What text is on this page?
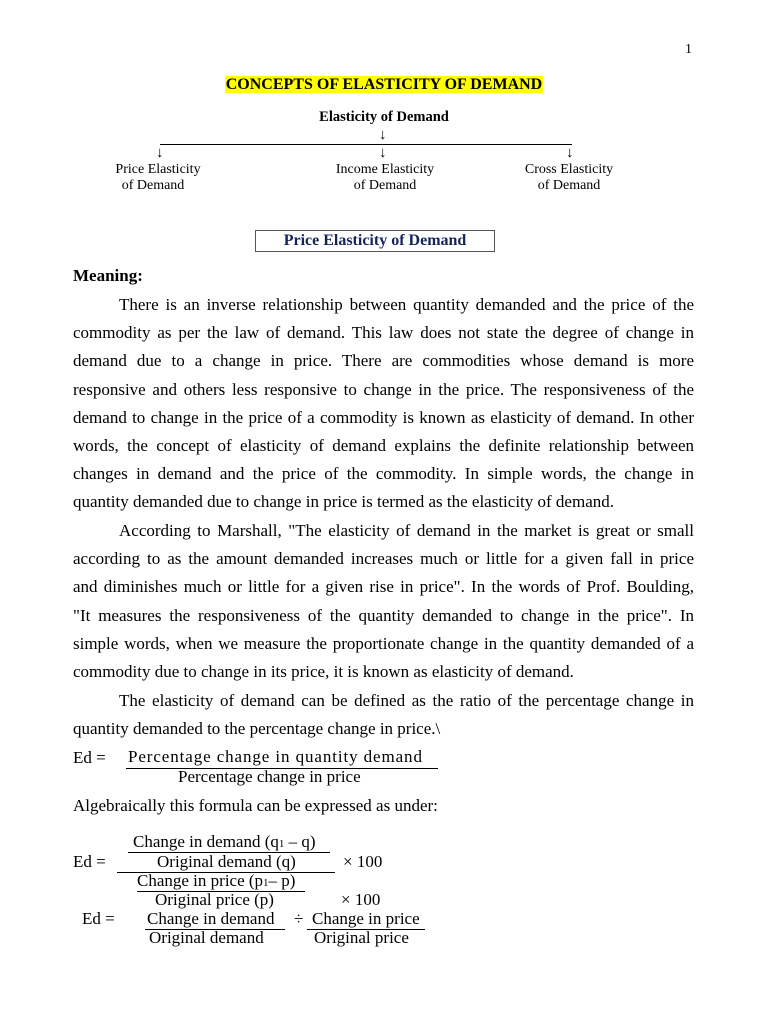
1
CONCEPTS OF ELASTICITY OF DEMAND
Elasticity of Demand
↓
↓	↓	↓
Price Elasticity
of Demand
Income Elasticity
of Demand
Cross Elasticity
of Demand
Price Elasticity of Demand
Meaning:
There is an inverse relationship between quantity demanded and the price of the
commodity as per the law of demand. This law does not state the degree of change in
demand due to a change in price. There are commodities whose demand is more
responsive and others less responsive to change in the price. The responsiveness of the
demand to change in the price of a commodity is known as elasticity of demand. In other
words, the concept of elasticity of demand explains the definite relationship between
changes in demand and the price of the commodity. In simple words, the change in
quantity demanded due to change in price is termed as the elasticity of demand.
According to Marshall, "The elasticity of demand in the market is great or small
according to as the amount demanded increases much or little for a given fall in price
and diminishes much or little for a given rise in price". In the words of Prof. Boulding,
"It measures the responsiveness of the quantity demanded to change in the price". In
simple words, when we measure the proportionate change in the quantity demanded of a
commodity due to change in its price, it is known as elasticity of demand.
The elasticity of demand can be defined as the ratio of the percentage change in
quantity demanded to the percentage change in price.\
Ed = Percentage change in quantity demand
Percentage change in price
Algebraically this formula can be expressed as under:
Ed =
Change in demand (q1 – q)
Original demand (q)	× 100
Change in price (p1– p)
Original price (p)	× 100
Ed = Change in demand
Original demand
÷ Change in price
Original price
